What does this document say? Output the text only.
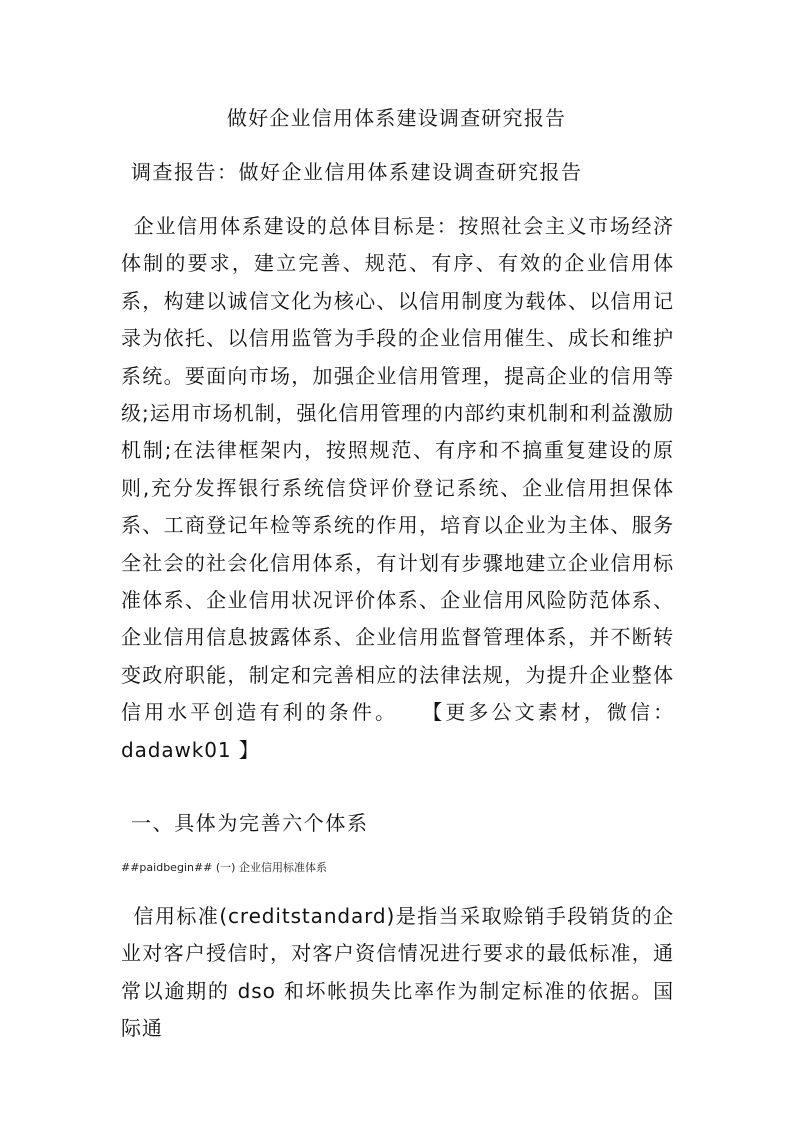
做好企业信用体系建设调查研究报告
调查报告：做好企业信用体系建设调查研究报告

企业信用体系建设的总体目标是：按照社会主义市场经济体制的要求，建立完善、规范、有序、有效的企业信用体系，构建以诚信文化为核心、以信用制度为载体、以信用记录为依托、以信用监管为手段的企业信用催生、成长和维护系统。要面向市场，加强企业信用管理，提高企业的信用等级;运用市场机制，强化信用管理的内部约束机制和利益激励机制;在法律框架内，按照规范、有序和不搞重复建设的原则,充分发挥银行系统信贷评价登记系统、企业信用担保体系、工商登记年检等系统的作用，培育以企业为主体、服务全社会的社会化信用体系，有计划有步骤地建立企业信用标准体系、企业信用状况评价体系、企业信用风险防范体系、企业信用信息披露体系、企业信用监督管理体系，并不断转变政府职能，制定和完善相应的法律法规，为提升企业整体信用水平创造有利的条件。 【更多公文素材，微信：dadawk01 】

一、具体为完善六个体系
##paidbegin## (一) 企业信用标准体系

信用标准(creditstandard)是指当采取赊销手段销货的企业对客户授信时，对客户资信情况进行要求的最低标准，通常以逾期的 dso 和坏帐损失比率作为制定标准的依据。国际通
